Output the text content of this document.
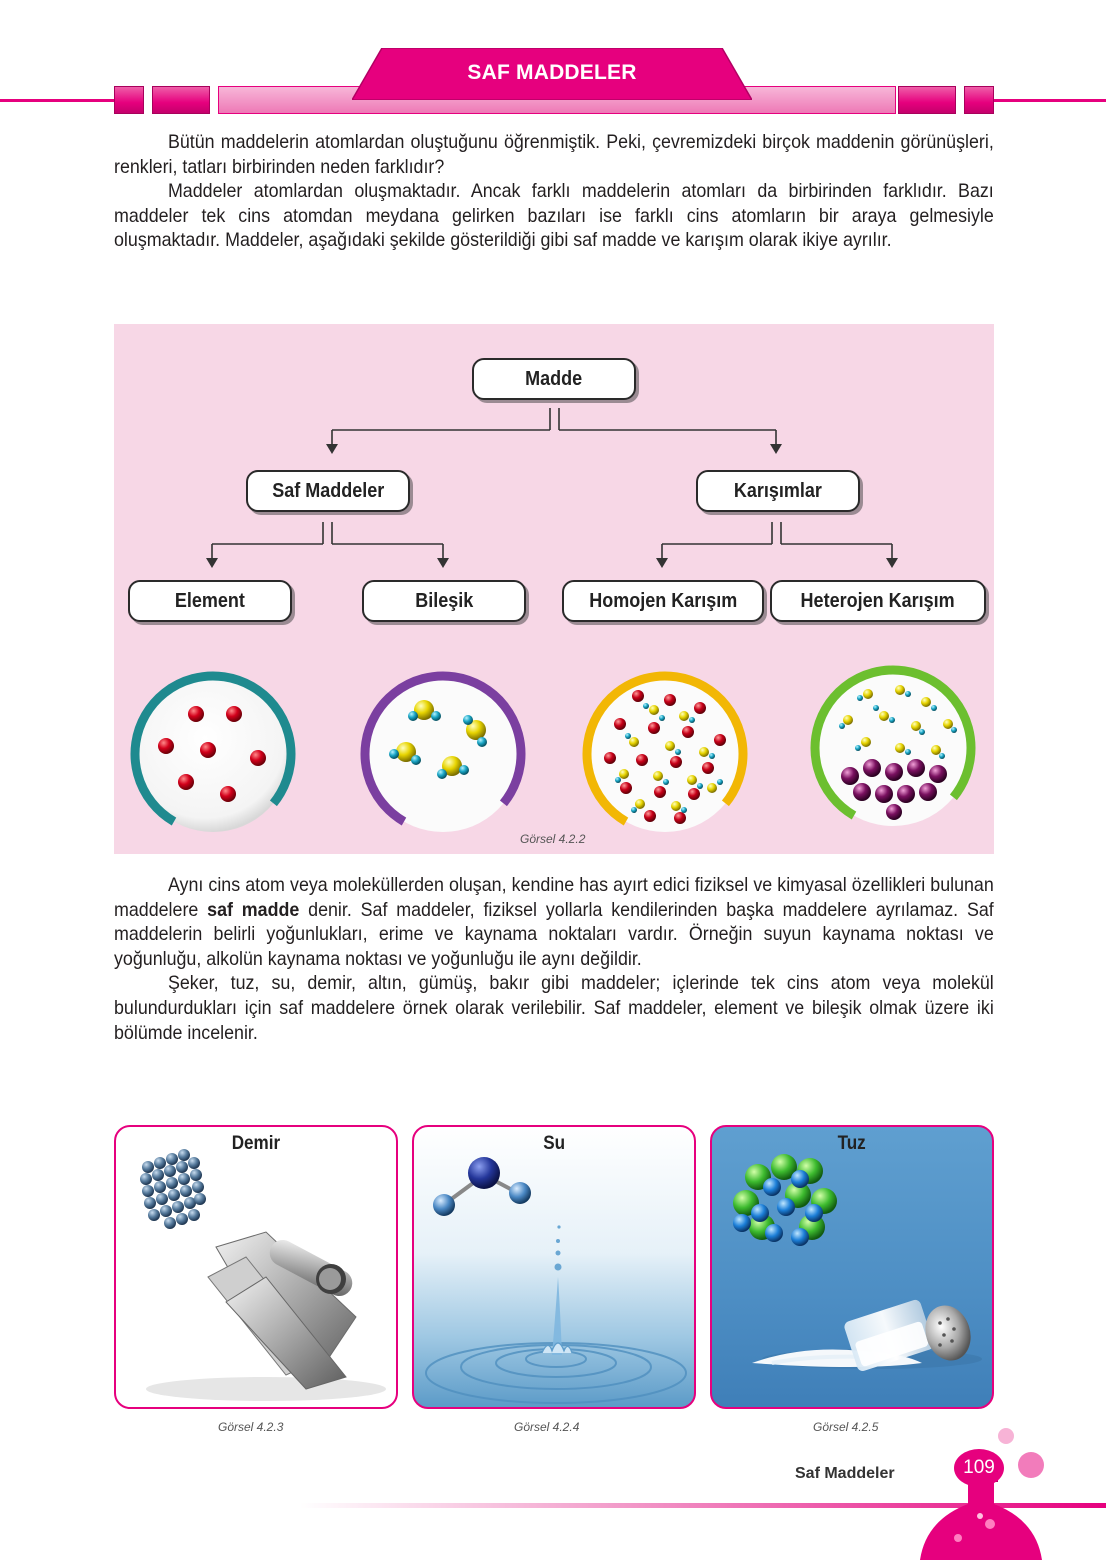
SAF MADDELER

Bütün maddelerin atomlardan oluştuğunu öğrenmiştik. Peki, çevremizdeki birçok maddenin görünüşleri, renkleri, tatları birbirinden neden farklıdır?

Maddeler atomlardan oluşmaktadır. Ancak farklı maddelerin atomları da birbirinden farklıdır. Bazı maddeler tek cins atomdan meydana gelirken bazıları ise farklı cins atomların bir araya gelmesiyle oluşmaktadır. Maddeler, aşağıdaki şekilde gösterildiği gibi saf madde ve karışım olarak ikiye ayrılır.

Madde
Saf Maddeler	Karışımlar
Element	Bileşik	Homojen Karışım	Heterojen Karışım
Görsel 4.2.2

Aynı cins atom veya moleküllerden oluşan, kendine has ayırt edici fiziksel ve kimyasal özellikleri bulunan maddelere saf madde denir. Saf maddeler, fiziksel yollarla kendilerinden başka maddelere ayrılamaz. Saf maddelerin belirli yoğunlukları, erime ve kaynama noktaları vardır. Örneğin suyun kaynama noktası ve yoğunluğu, alkolün kaynama noktası ve yoğunluğu ile aynı değildir.

Şeker, tuz, su, demir, altın, gümüş, bakır gibi maddeler; içlerinde tek cins atom veya molekül bulundurdukları için saf maddelere örnek olarak verilebilir. Saf maddeler, element ve bileşik olmak üzere iki bölümde incelenir.

Demir	Su	Tuz
Görsel 4.2.3	Görsel 4.2.4	Görsel 4.2.5
Saf Maddeler	109
